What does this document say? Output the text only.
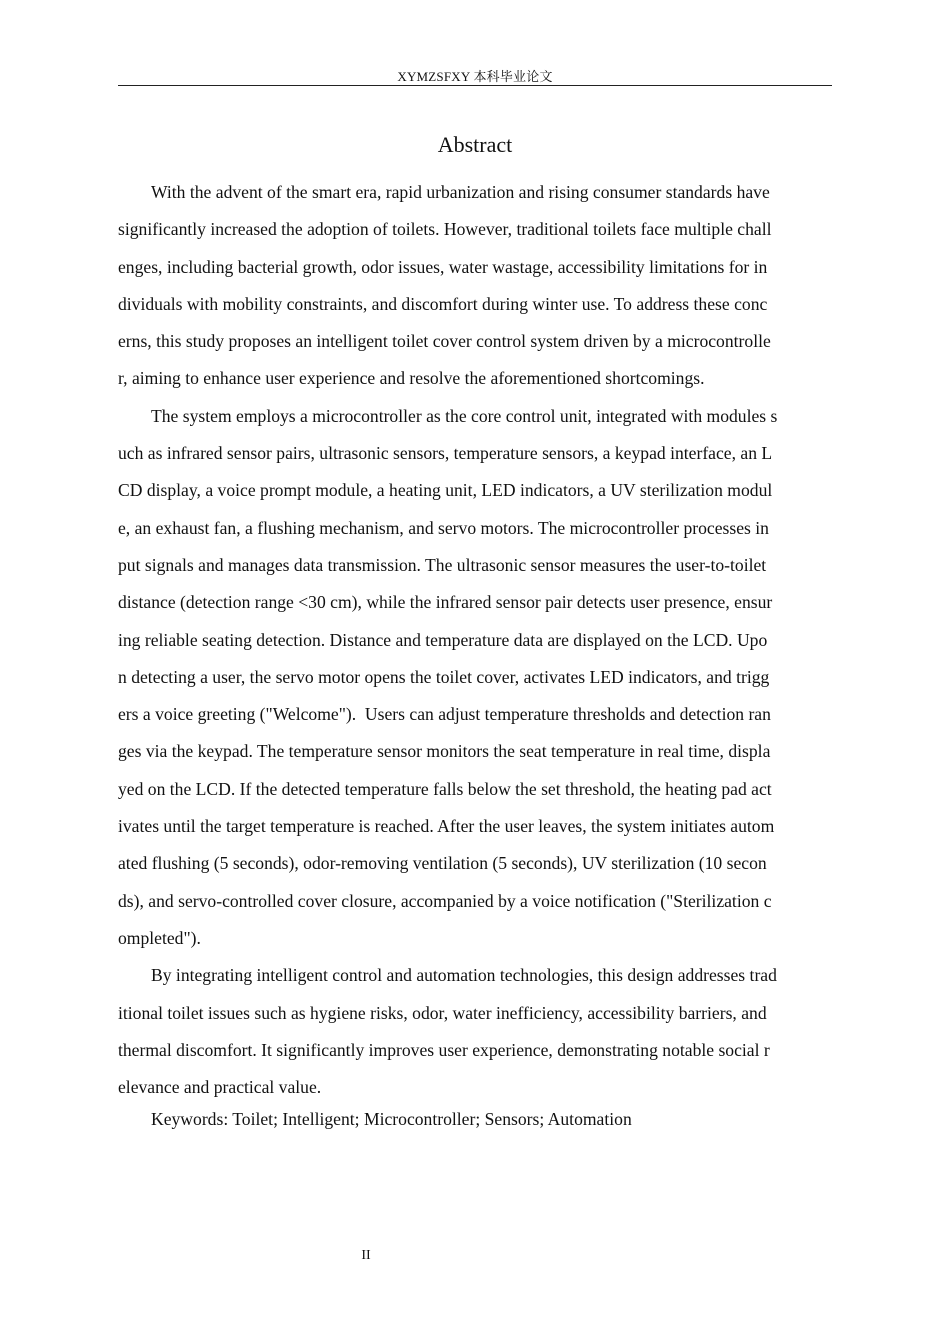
XYMZSFXY 本科毕业论文
Abstract
With the advent of the smart era, rapid urbanization and rising consumer standards have
significantly increased the adoption of toilets. However, traditional toilets face multiple chall
enges, including bacterial growth, odor issues, water wastage, accessibility limitations for in
dividuals with mobility constraints, and discomfort during winter use. To address these conc
erns, this study proposes an intelligent toilet cover control system driven by a microcontrolle
r, aiming to enhance user experience and resolve the aforementioned shortcomings.
The system employs a microcontroller as the core control unit, integrated with modules s
uch as infrared sensor pairs, ultrasonic sensors, temperature sensors, a keypad interface, an L
CD display, a voice prompt module, a heating unit, LED indicators, a UV sterilization modul
e, an exhaust fan, a flushing mechanism, and servo motors. The microcontroller processes in
put signals and manages data transmission. The ultrasonic sensor measures the user-to-toilet
distance (detection range <30 cm), while the infrared sensor pair detects user presence, ensur
ing reliable seating detection. Distance and temperature data are displayed on the LCD. Upo
n detecting a user, the servo motor opens the toilet cover, activates LED indicators, and trigg
ers a voice greeting ("Welcome").  Users can adjust temperature thresholds and detection ran
ges via the keypad. The temperature sensor monitors the seat temperature in real time, displa
yed on the LCD. If the detected temperature falls below the set threshold, the heating pad act
ivates until the target temperature is reached. After the user leaves, the system initiates autom
ated flushing (5 seconds), odor-removing ventilation (5 seconds), UV sterilization (10 secon
ds), and servo-controlled cover closure, accompanied by a voice notification ("Sterilization c
ompleted").
By integrating intelligent control and automation technologies, this design addresses trad
itional toilet issues such as hygiene risks, odor, water inefficiency, accessibility barriers, and
thermal discomfort. It significantly improves user experience, demonstrating notable social r
elevance and practical value.
Keywords: Toilet; Intelligent; Microcontroller; Sensors; Automation
II
